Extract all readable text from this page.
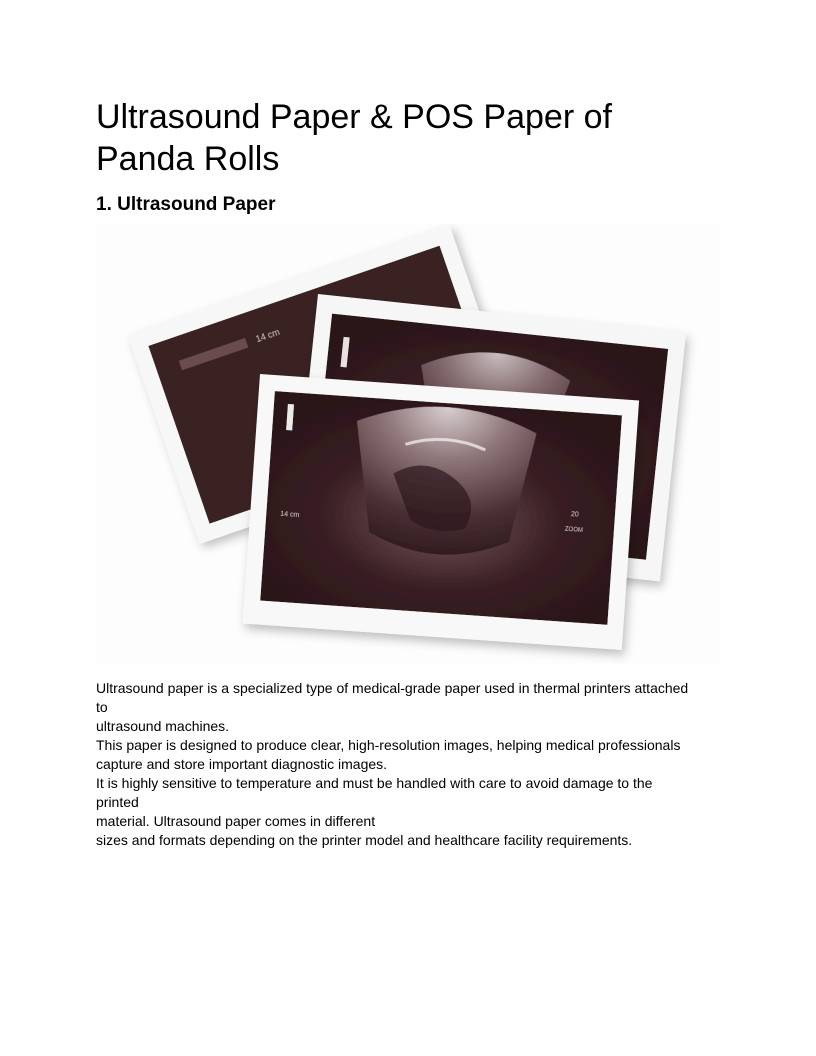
Ultrasound Paper & POS Paper of Panda Rolls
1. Ultrasound Paper
14 cm
14 cm	20
ZOOM

Ultrasound paper is a specialized type of medical-grade paper used in thermal printers attached
to
ultrasound machines.
This paper is designed to produce clear, high-resolution images, helping medical professionals
capture and store important diagnostic images.
It is highly sensitive to temperature and must be handled with care to avoid damage to the
printed
material. Ultrasound paper comes in different
sizes and formats depending on the printer model and healthcare facility requirements.
